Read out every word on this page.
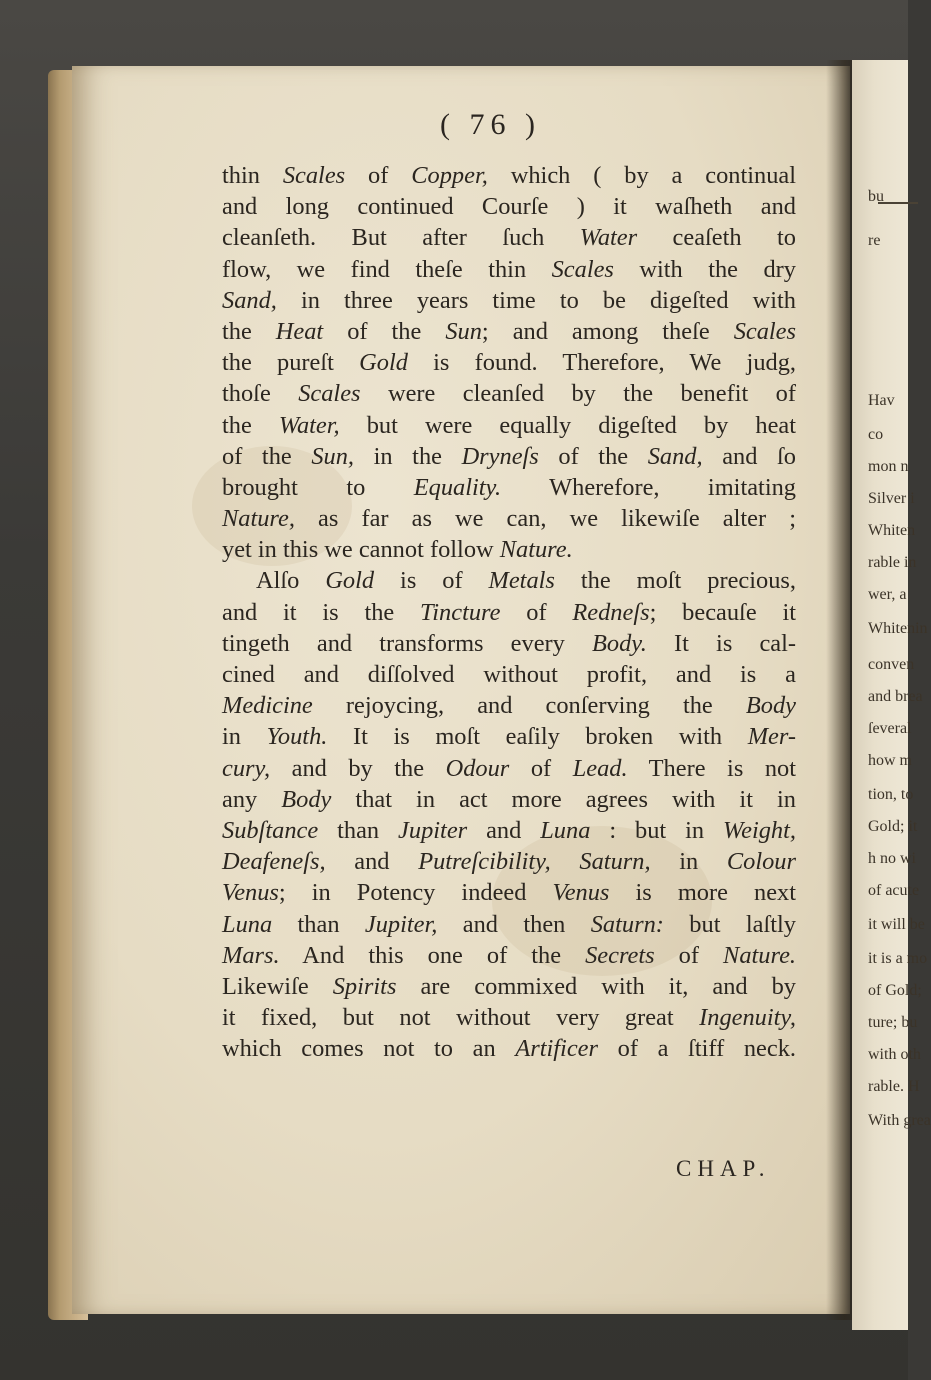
bu
re
Hav
co
mon n
Silver i
Whiten
rable in
wer, a
Whitenin
conven
and brea
ſeveral
how m
tion, to
Gold; it
h no wi
of acute
it will be
it is a mo
of Gold;
ture; bu
with oth
rable. H
With grea
( 76 )
thin Scales of Copper, which ( by a continual
and long continued Courſe ) it waſheth and
cleanſeth. But after ſuch Water ceaſeth to
flow, we find theſe thin Scales with the dry
Sand, in three years time to be digeſted with
the Heat of the Sun; and among theſe Scales
the pureſt Gold is found. Therefore, We judg,
thoſe Scales were cleanſed by the benefit of
the Water, but were equally digeſted by heat
of the Sun, in the Dryneſs of the Sand, and ſo
brought to Equality. Wherefore, imitating
Nature, as far as we can, we likewiſe alter ;
yet in this we cannot follow Nature.
Alſo Gold is of Metals the moſt precious,
and it is the Tincture of Redneſs; becauſe it
tingeth and transforms every Body. It is cal-
cined and diſſolved without profit, and is a
Medicine rejoycing, and conſerving the Body
in Youth. It is moſt eaſily broken with Mer-
cury, and by the Odour of Lead. There is not
any Body that in act more agrees with it in
Subſtance than Jupiter and Luna : but in Weight,
Deafeneſs, and Putreſcibility, Saturn, in Colour
Venus; in Potency indeed Venus is more next
Luna than Jupiter, and then Saturn: but laſtly
Mars. And this one of the Secrets of Nature.
Likewiſe Spirits are commixed with it, and by
it fixed, but not without very great Ingenuity,
which comes not to an Artificer of a ſtiff neck.
CHAP.
